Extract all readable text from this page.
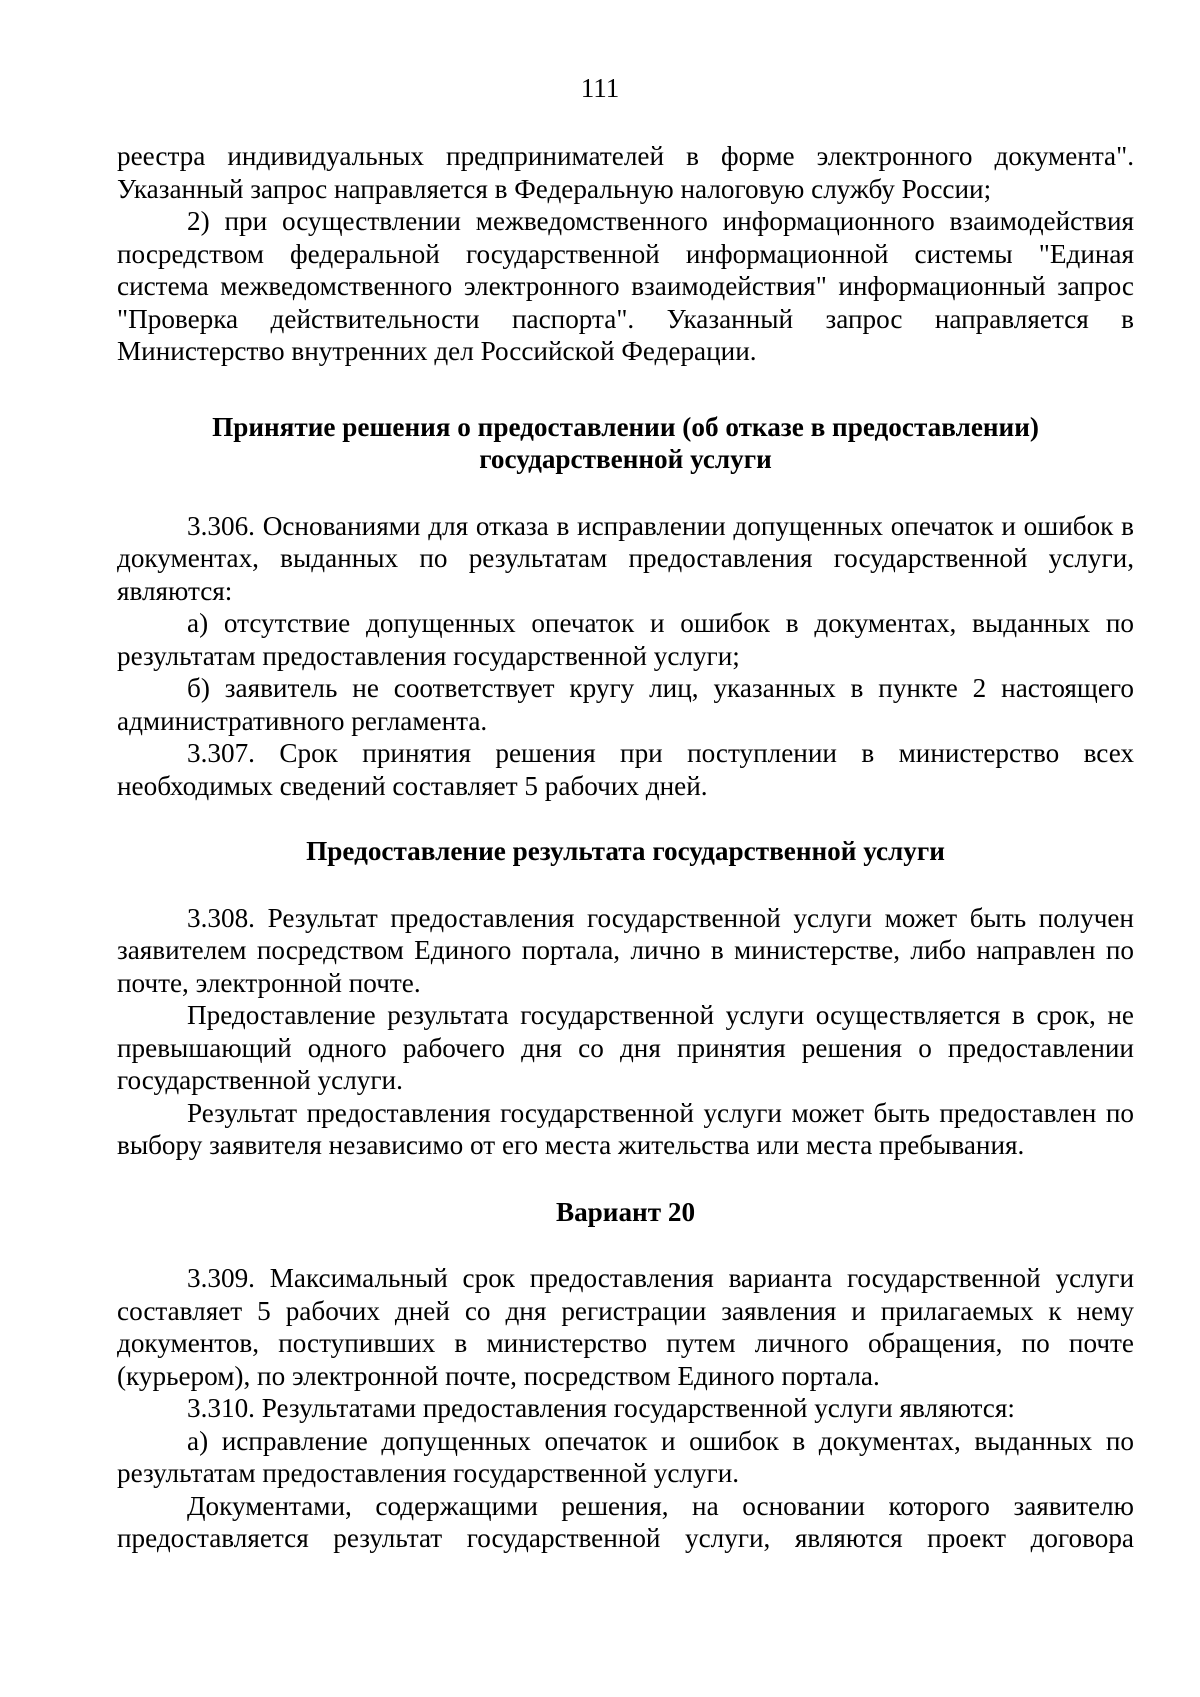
111

реестра индивидуальных предпринимателей в форме электронного документа". Указанный запрос направляется в Федеральную налоговую службу России;

2) при осуществлении межведомственного информационного взаимодействия посредством федеральной государственной информационной системы "Единая система межведомственного электронного взаимодействия" информационный запрос "Проверка действительности паспорта". Указанный запрос направляется в Министерство внутренних дел Российской Федерации.

Принятие решения о предоставлении (об отказе в предоставлении) государственной услуги

3.306. Основаниями для отказа в исправлении допущенных опечаток и ошибок в документах, выданных по результатам предоставления государственной услуги, являются:

а) отсутствие допущенных опечаток и ошибок в документах, выданных по результатам предоставления государственной услуги;

б) заявитель не соответствует кругу лиц, указанных в пункте 2 настоящего административного регламента.

3.307. Срок принятия решения при поступлении в министерство всех необходимых сведений составляет 5 рабочих дней.

Предоставление результата государственной услуги

3.308. Результат предоставления государственной услуги может быть получен заявителем посредством Единого портала, лично в министерстве, либо направлен по почте, электронной почте.

Предоставление результата государственной услуги осуществляется в срок, не превышающий одного рабочего дня со дня принятия решения о предоставлении государственной услуги.

Результат предоставления государственной услуги может быть предоставлен по выбору заявителя независимо от его места жительства или места пребывания.

Вариант 20

3.309. Максимальный срок предоставления варианта государственной услуги составляет 5 рабочих дней со дня регистрации заявления и прилагаемых к нему документов, поступивших в министерство путем личного обращения, по почте (курьером), по электронной почте, посредством Единого портала.

3.310. Результатами предоставления государственной услуги являются:

а) исправление допущенных опечаток и ошибок в документах, выданных по результатам предоставления государственной услуги.

Документами, содержащими решения, на основании которого заявителю предоставляется результат государственной услуги, являются проект договора
